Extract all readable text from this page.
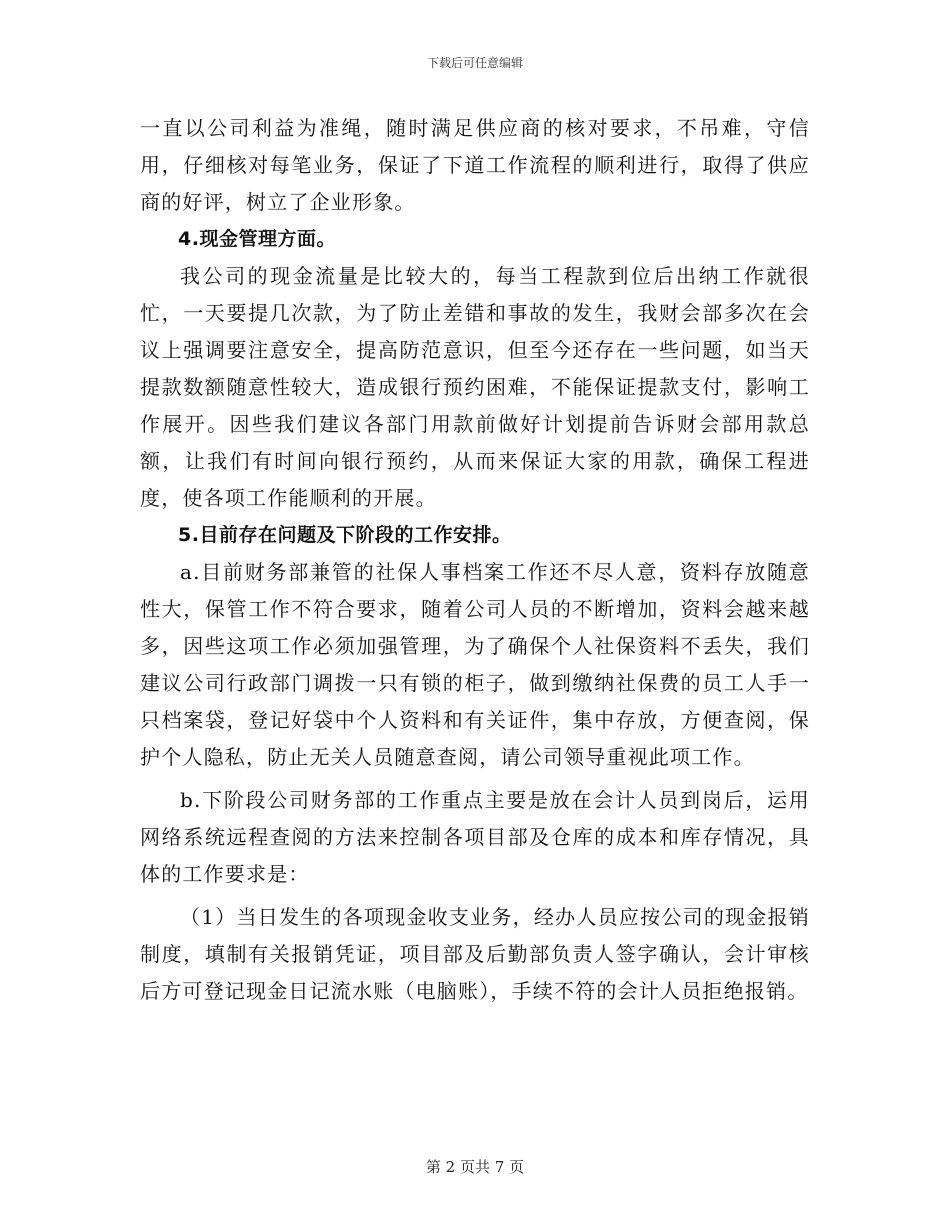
下载后可任意编辑

一直以公司利益为准绳，随时满足供应商的核对要求，不吊难，守信用，仔细核对每笔业务，保证了下道工作流程的顺利进行，取得了供应商的好评，树立了企业形象。

4.现金管理方面。

我公司的现金流量是比较大的，每当工程款到位后出纳工作就很忙，一天要提几次款，为了防止差错和事故的发生，我财会部多次在会议上强调要注意安全，提高防范意识，但至今还存在一些问题，如当天提款数额随意性较大，造成银行预约困难，不能保证提款支付，影响工作展开。因些我们建议各部门用款前做好计划提前告诉财会部用款总额，让我们有时间向银行预约，从而来保证大家的用款，确保工程进度，使各项工作能顺利的开展。

5.目前存在问题及下阶段的工作安排。

a.目前财务部兼管的社保人事档案工作还不尽人意，资料存放随意性大，保管工作不符合要求，随着公司人员的不断增加，资料会越来越多，因些这项工作必须加强管理，为了确保个人社保资料不丢失，我们建议公司行政部门调拨一只有锁的柜子，做到缴纳社保费的员工人手一只档案袋，登记好袋中个人资料和有关证件，集中存放，方便查阅，保护个人隐私，防止无关人员随意查阅，请公司领导重视此项工作。

b.下阶段公司财务部的工作重点主要是放在会计人员到岗后，运用网络系统远程查阅的方法来控制各项目部及仓库的成本和库存情况，具体的工作要求是：

（1）当日发生的各项现金收支业务，经办人员应按公司的现金报销制度，填制有关报销凭证，项目部及后勤部负责人签字确认，会计审核后方可登记现金日记流水账（电脑账），手续不符的会计人员拒绝报销。

第 2 页共 7 页
